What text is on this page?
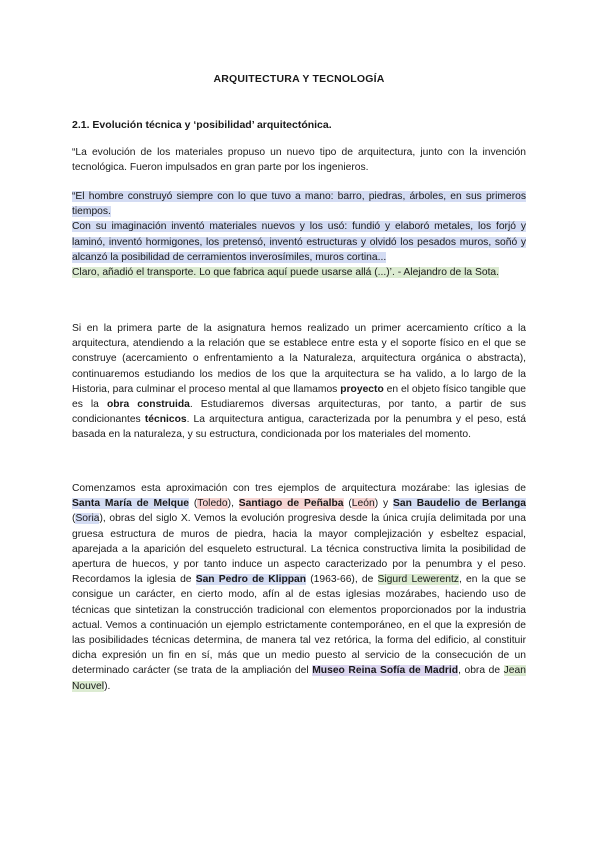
ARQUITECTURA Y TECNOLOGÍA
2.1. Evolución técnica y ‘posibilidad’ arquitectónica.

“La evolución de los materiales propuso un nuevo tipo de arquitectura, junto con la invención tecnológica. Fueron impulsados en gran parte por los ingenieros.

“El hombre construyó siempre con lo que tuvo a mano: barro, piedras, árboles, en sus primeros tiempos.
Con su imaginación inventó materiales nuevos y los usó: fundió y elaboró metales, los forjó y laminó, inventó hormigones, los pretensó, inventó estructuras y olvidó los pesados muros, soñó y alcanzó la posibilidad de cerramientos inverosímiles, muros cortina...
Claro, añadió el transporte. Lo que fabrica aquí puede usarse allá (...)’. - Alejandro de la Sota.

Si en la primera parte de la asignatura hemos realizado un primer acercamiento crítico a la arquitectura, atendiendo a la relación que se establece entre esta y el soporte físico en el que se construye (acercamiento o enfrentamiento a la Naturaleza, arquitectura orgánica o abstracta), continuaremos estudiando los medios de los que la arquitectura se ha valido, a lo largo de la Historia, para culminar el proceso mental al que llamamos proyecto en el objeto físico tangible que es la obra construida. Estudiaremos diversas arquitecturas, por tanto, a partir de sus condicionantes técnicos. La arquitectura antigua, caracterizada por la penumbra y el peso, está basada en la naturaleza, y su estructura, condicionada por los materiales del momento.

Comenzamos esta aproximación con tres ejemplos de arquitectura mozárabe: las iglesias de Santa María de Melque (Toledo), Santiago de Peñalba (León) y San Baudelio de Berlanga (Soria), obras del siglo X. Vemos la evolución progresiva desde la única crujía delimitada por una gruesa estructura de muros de piedra, hacia la mayor complejización y esbeltez espacial, aparejada a la aparición del esqueleto estructural. La técnica constructiva limita la posibilidad de apertura de huecos, y por tanto induce un aspecto caracterizado por la penumbra y el peso. Recordamos la iglesia de San Pedro de Klippan (1963-66), de Sigurd Lewerentz, en la que se consigue un carácter, en cierto modo, afín al de estas iglesias mozárabes, haciendo uso de técnicas que sintetizan la construcción tradicional con elementos proporcionados por la industria actual. Vemos a continuación un ejemplo estrictamente contemporáneo, en el que la expresión de las posibilidades técnicas determina, de manera tal vez retórica, la forma del edificio, al constituir dicha expresión un fin en sí, más que un medio puesto al servicio de la consecución de un determinado carácter (se trata de la ampliación del Museo Reina Sofía de Madrid, obra de Jean Nouvel).
